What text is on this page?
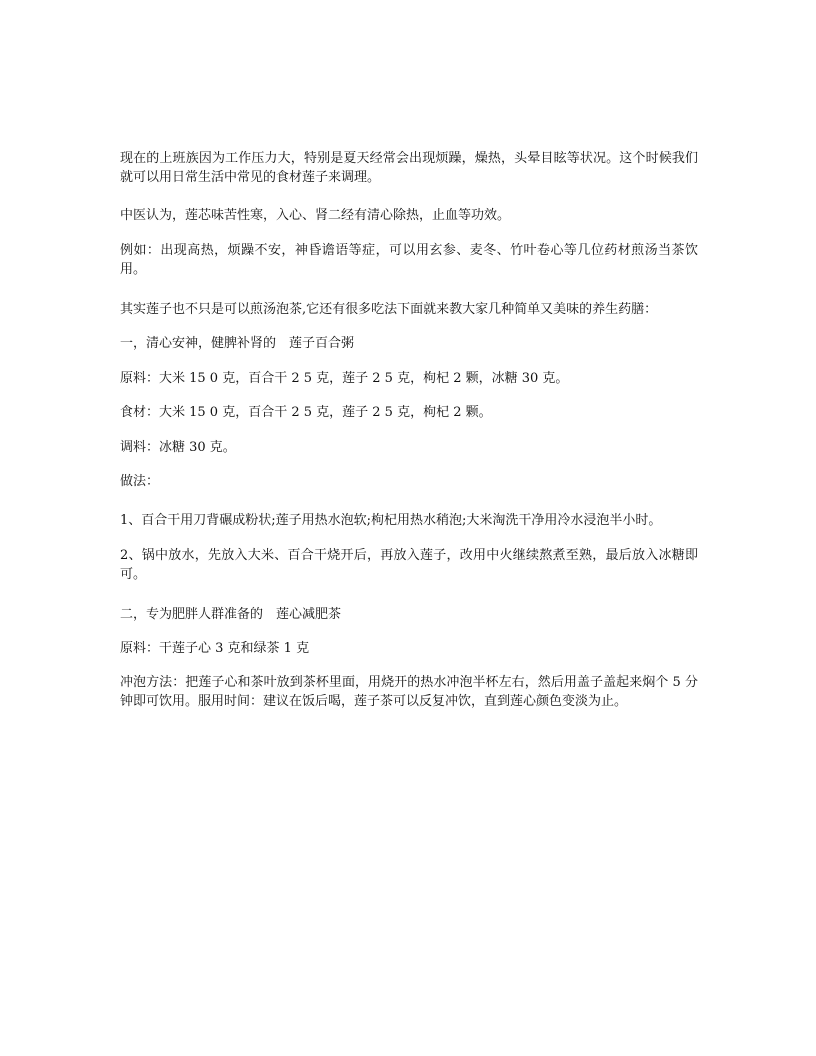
现在的上班族因为工作压力大，特别是夏天经常会出现烦躁，燥热，头晕目眩等状况。这个时候我们就可以用日常生活中常见的食材莲子来调理。

中医认为，莲芯味苦性寒，入心、肾二经有清心除热，止血等功效。

例如：出现高热，烦躁不安，神昏谵语等症，可以用玄参、麦冬、竹叶卷心等几位药材煎汤当茶饮用。

其实莲子也不只是可以煎汤泡茶,它还有很多吃法下面就来教大家几种简单又美味的养生药膳：

一，清心安神，健脾补肾的　莲子百合粥

原料：大米 15 0 克，百合干 2 5 克，莲子 2 5 克，枸杞 2 颗，冰糖 30 克。

食材：大米 15 0 克，百合干 2 5 克，莲子 2 5 克，枸杞 2 颗。

调料：冰糖 30 克。

做法：

1、百合干用刀背碾成粉状;莲子用热水泡软;枸杞用热水稍泡;大米淘洗干净用冷水浸泡半小时。

2、锅中放水，先放入大米、百合干烧开后，再放入莲子，改用中火继续熬煮至熟，最后放入冰糖即可。

二，专为肥胖人群准备的　莲心减肥茶

原料：干莲子心 3 克和绿茶 1 克

冲泡方法：把莲子心和茶叶放到茶杯里面，用烧开的热水冲泡半杯左右，然后用盖子盖起来焖个 5 分钟即可饮用。服用时间：建议在饭后喝，莲子茶可以反复冲饮，直到莲心颜色变淡为止。
